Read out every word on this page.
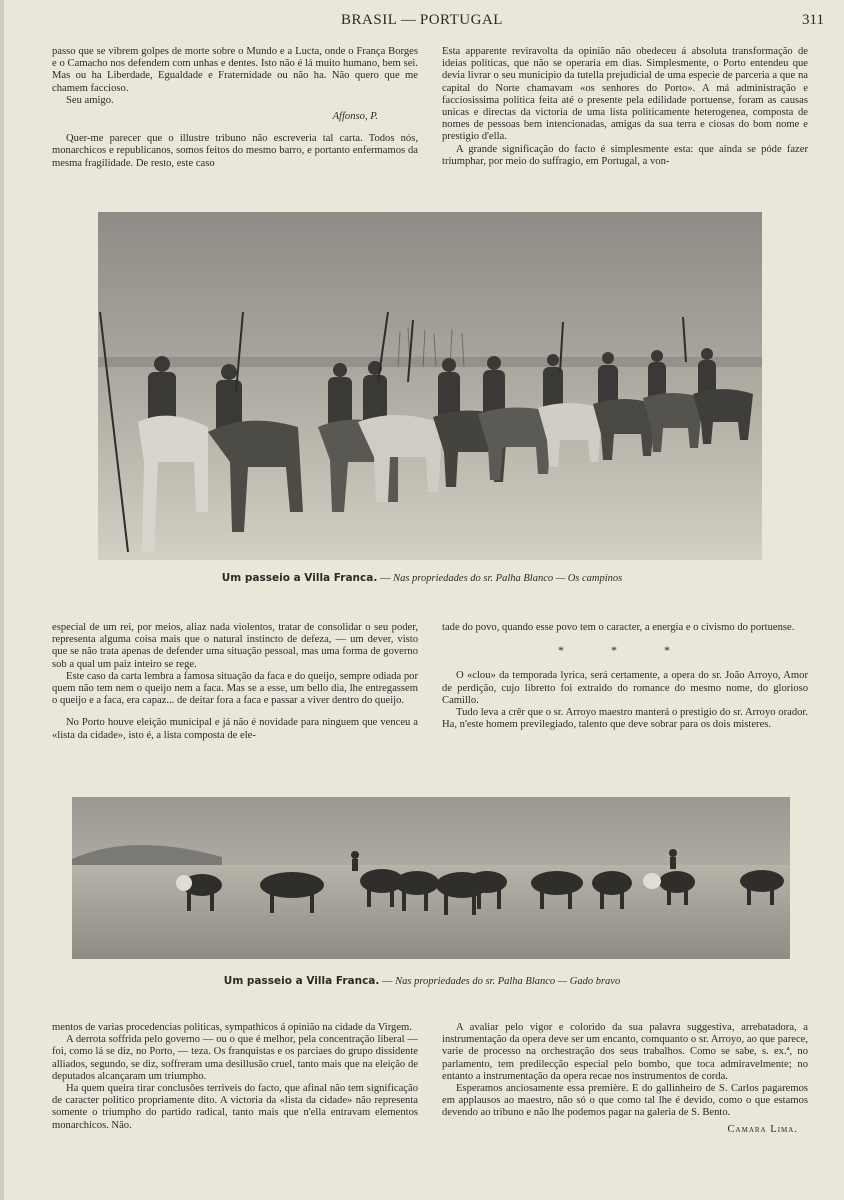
BRASIL — PORTUGAL	311

passo que se vibrem golpes de morte sobre o Mundo e a Lucta, onde o França Borges e o Camacho nos defendem com unhas e dentes. Isto não é lá muito humano, bem sei. Mas ou ha Liberdade, Egualdade e Fraternidade ou não ha. Não quero que me chamem faccioso.

Seu amigo.

Affonso, P.

Quer-me parecer que o illustre tribuno não escreveria tal carta. Todos nós, monarchicos e republicanos, somos feitos do mesmo barro, e portanto enfermamos da mesma fragilidade. De resto, este caso

Esta apparente reviravolta da opinião não obedeceu á absoluta transformação de ideias politicas, que não se operaria em dias. Simplesmente, o Porto entendeu que devia livrar o seu municipio da tutella prejudicial de uma especie de parceria a que na capital do Norte chamavam «os senhores do Porto». A má administração e facciosissima politica feita até o presente pela edilidade portuense, foram as causas unicas e directas da victoria de uma lista politicamente heterogenea, composta de nomes de pessoas bem intencionadas, amigas da sua terra e ciosas do bom nome e prestigio d'ella.

A grande significação do facto é simplesmente esta: que ainda se póde fazer triumphar, por meio do suffragio, em Portugal, a von-

Um passeio a Villa Franca. — Nas propriedades do sr. Palha Blanco — Os campinos

especial de um rei, por meios, aliaz nada violentos, tratar de consolidar o seu poder, representa alguma coisa mais que o natural instincto de defeza, — um dever, visto que se não trata apenas de defender uma situação pessoal, mas uma forma de governo sob a qual um paiz inteiro se rege.

Este caso da carta lembra a famosa situação da faca e do queijo, sempre odiada por quem não tem nem o queijo nem a faca. Mas se a esse, um bello dia, lhe entregassem o queijo e a faca, era capaz... de deitar fora a faca e passar a viver dentro do queijo.

No Porto houve eleição municipal e já não é novidade para ninguem que venceu a «lista da cidade», isto é, a lista composta de ele-

tade do povo, quando esse povo tem o caracter, a energia e o civismo do portuense.

* * *

O «clou» da temporada lyrica, será certamente, a opera do sr. João Arroyo, Amor de perdição, cujo libretto foi extraido do romance do mesmo nome, do glorioso Camillo.

Tudo leva a crêr que o sr. Arroyo maestro manterá o prestigio do sr. Arroyo orador. Ha, n'este homem previlegiado, talento que deve sobrar para os dois misteres.

Um passeio a Villa Franca. — Nas propriedades do sr. Palha Blanco — Gado bravo

mentos de varias procedencias politicas, sympathicos á opinião na cidade da Virgem.

A derrota soffrida pelo governo — ou o que é melhor, pela concentração liberal — foi, como lá se diz, no Porto, — teza. Os franquistas e os parciaes do grupo dissidente alliados, segundo, se diz, soffreram uma desillusão cruel, tanto mais que na eleição de deputados alcançaram um triumpho.

Ha quem queira tirar conclusões terriveis do facto, que afinal não tem significação de caracter politico propriamente dito. A victoria da «lista da cidade» não representa somente o triumpho do partido radical, tanto mais que n'ella entravam elementos monarchicos. Não.

A avaliar pelo vigor e colorido da sua palavra suggestiva, arrebatadora, a instrumentação da opera deve ser um encanto, comquanto o sr. Arroyo, ao que parece, varie de processo na orchestração dos seus trabalhos. Como se sabe, s. ex.ª, no parlamento, tem predilecção especial pelo bombo, que toca admiravelmente; no entanto a instrumentação da opera recae nos instrumentos de corda.

Esperamos anciosamente essa première. E do gallinheiro de S. Carlos pagaremos em applausos ao maestro, não só o que como tal lhe é devido, como o que estamos devendo ao tribuno e não lhe podemos pagar na galeria de S. Bento.

Camara Lima.
